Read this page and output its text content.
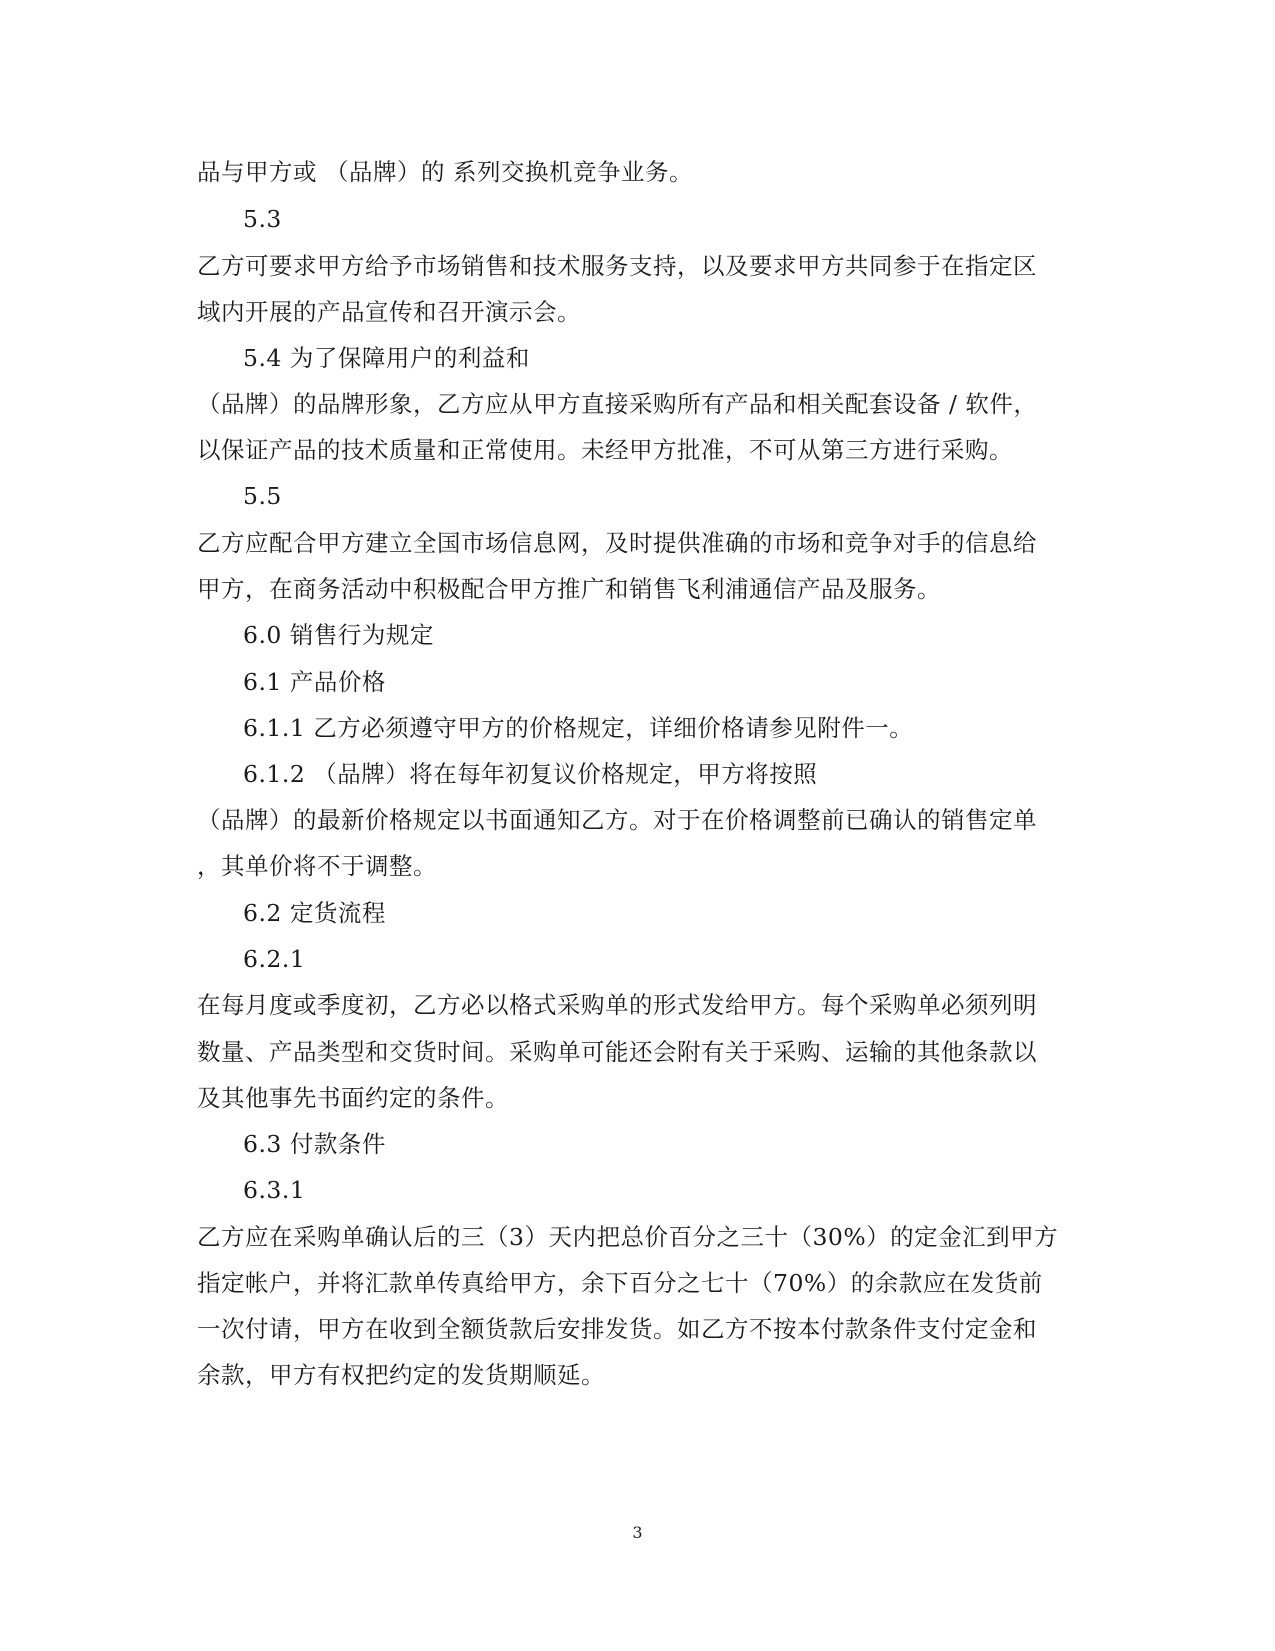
品与甲方或 （品牌）的 系列交换机竞争业务。

5.3

乙方可要求甲方给予市场销售和技术服务支持，以及要求甲方共同参于在指定区

域内开展的产品宣传和召开演示会。

5.4 为了保障用户的利益和

（品牌）的品牌形象，乙方应从甲方直接采购所有产品和相关配套设备 / 软件，

以保证产品的技术质量和正常使用。未经甲方批准，不可从第三方进行采购。

5.5

乙方应配合甲方建立全国市场信息网，及时提供准确的市场和竞争对手的信息给

甲方，在商务活动中积极配合甲方推广和销售飞利浦通信产品及服务。

6.0 销售行为规定

6.1 产品价格

6.1.1 乙方必须遵守甲方的价格规定，详细价格请参见附件一。

6.1.2 （品牌）将在每年初复议价格规定，甲方将按照

（品牌）的最新价格规定以书面通知乙方。对于在价格调整前已确认的销售定单

，其单价将不于调整。

6.2 定货流程

6.2.1

在每月度或季度初，乙方必以格式采购单的形式发给甲方。每个采购单必须列明

数量、产品类型和交货时间。采购单可能还会附有关于采购、运输的其他条款以

及其他事先书面约定的条件。

6.3 付款条件

6.3.1

乙方应在采购单确认后的三（3）天内把总价百分之三十（30%）的定金汇到甲方

指定帐户，并将汇款单传真给甲方，余下百分之七十（70%）的余款应在发货前

一次付请，甲方在收到全额货款后安排发货。如乙方不按本付款条件支付定金和

余款，甲方有权把约定的发货期顺延。

3
